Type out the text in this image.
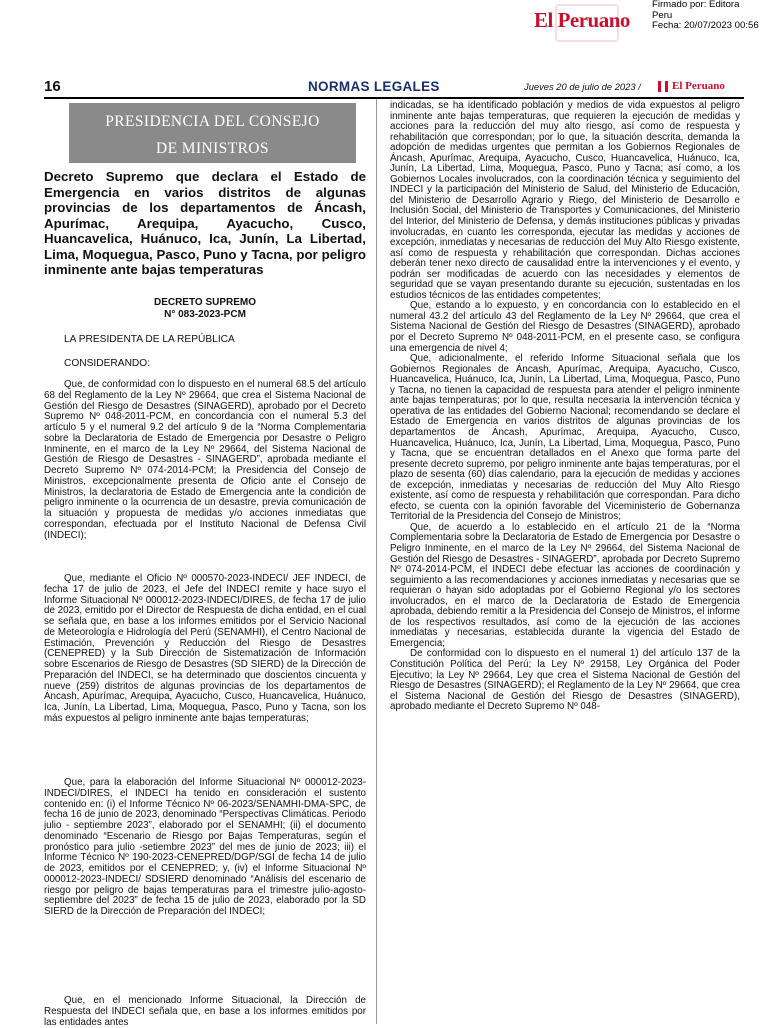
El Peruano
Firmado por: Editora
Peru
Fecha: 20/07/2023 00:56
16	NORMAS LEGALES	Jueves 20 de julio de 2023 /	El Peruano
PRESIDENCIA DEL CONSEJO
DE MINISTROS
Decreto Supremo que declara el Estado de Emergencia en varios distritos de algunas provincias de los departamentos de Áncash, Apurímac, Arequipa, Ayacucho, Cusco, Huancavelica, Huánuco, Ica, Junín, La Libertad, Lima, Moquegua, Pasco, Puno y Tacna, por peligro inminente ante bajas temperaturas
DECRETO SUPREMO
N° 083-2023-PCM
LA PRESIDENTA DE LA REPÚBLICA
CONSIDERANDO:
Que, de conformidad con lo dispuesto en el numeral 68.5 del artículo 68 del Reglamento de la Ley Nº 29664, que crea el Sistema Nacional de Gestión del Riesgo de Desastres (SINAGERD), aprobado por el Decreto Supremo Nº 048-2011-PCM, en concordancia con el numeral 5.3 del artículo 5 y el numeral 9.2 del artículo 9 de la “Norma Complementaria sobre la Declaratoria de Estado de Emergencia por Desastre o Peligro Inminente, en el marco de la Ley Nº 29664, del Sistema Nacional de Gestión de Riesgo de Desastres - SINAGERD”, aprobada mediante el Decreto Supremo Nº 074-2014-PCM; la Presidencia del Consejo de Ministros, excepcionalmente presenta de Oficio ante el Consejo de Ministros, la declaratoria de Estado de Emergencia ante la condición de peligro inminente o la ocurrencia de un desastre, previa comunicación de la situación y propuesta de medidas y/o acciones inmediatas que correspondan, efectuada por el Instituto Nacional de Defensa Civil (INDECI);
Que, mediante el Oficio Nº 000570-2023-INDECI/ JEF INDECI, de fecha 17 de julio de 2023, el Jefe del INDECI remite y hace suyo el Informe Situacional Nº 000012-2023-INDECI/DIRES, de fecha 17 de julio de 2023, emitido por el Director de Respuesta de dicha entidad, en el cual se señala que, en base a los informes emitidos por el Servicio Nacional de Meteorología e Hidrología del Perú (SENAMHI), el Centro Nacional de Estimación, Prevención y Reducción del Riesgo de Desastres (CENEPRED) y la Sub Dirección de Sistematización de Información sobre Escenarios de Riesgo de Desastres (SD SIERD) de la Dirección de Preparación del INDECI, se ha determinado que doscientos cincuenta y nueve (259) distritos de algunas provincias de los departamentos de Áncash, Apurímac, Arequipa, Ayacucho, Cusco, Huancavelica, Huánuco, Ica, Junín, La Libertad, Lima, Moquegua, Pasco, Puno y Tacna, son los más expuestos al peligro inminente ante bajas temperaturas;
Que, para la elaboración del Informe Situacional Nº 000012-2023-INDECI/DIRES, el INDECI ha tenido en consideración el sustento contenido en: (i) el Informe Técnico Nº 06-2023/SENAMHI-DMA-SPC, de fecha 16 de junio de 2023, denominado “Perspectivas Climáticas. Periodo julio - septiembre 2023”, elaborado por el SENAMHI; (ii) el documento denominado “Escenario de Riesgo por Bajas Temperaturas, según el pronóstico para julio -setiembre 2023” del mes de junio de 2023; iii) el Informe Técnico Nº 190-2023-CENEPRED/DGP/SGI de fecha 14 de julio de 2023, emitidos por el CENEPRED; y, (iv) el Informe Situacional Nº 000012-2023-INDECI/ SDSIERD denominado “Análisis del escenario de riesgo por peligro de bajas temperaturas para el trimestre julio-agosto-septiembre del 2023” de fecha 15 de julio de 2023, elaborado por la SD SIERD de la Dirección de Preparación del INDECI;
Que, en el mencionado Informe Situacional, la Dirección de Respuesta del INDECI señala que, en base a los informes emitidos por las entidades antes

indicadas, se ha identificado población y medios de vida expuestos al peligro inminente ante bajas temperaturas, que requieren la ejecución de medidas y acciones para la reducción del muy alto riesgo, así como de respuesta y rehabilitación que correspondan; por lo que, la situación descrita, demanda la adopción de medidas urgentes que permitan a los Gobiernos Regionales de Áncash, Apurímac, Arequipa, Ayacucho, Cusco, Huancavelica, Huánuco, Ica, Junín, La Libertad, Lima, Moquegua, Pasco, Puno y Tacna; así como, a los Gobiernos Locales involucrados, con la coordinación técnica y seguimiento del INDECI y la participación del Ministerio de Salud, del Ministerio de Educación, del Ministerio de Desarrollo Agrario y Riego, del Ministerio de Desarrollo e Inclusión Social, del Ministerio de Transportes y Comunicaciones, del Ministerio del Interior, del Ministerio de Defensa, y demás instituciones públicas y privadas involucradas, en cuanto les corresponda, ejecutar las medidas y acciones de excepción, inmediatas y necesarias de reducción del Muy Alto Riesgo existente, así como de respuesta y rehabilitación que correspondan. Dichas acciones deberán tener nexo directo de causalidad entre la intervenciones y el evento, y podrán ser modificadas de acuerdo con las necesidades y elementos de seguridad que se vayan presentando durante su ejecución, sustentadas en los estudios técnicos de las entidades competentes;

Que, estando a lo expuesto, y en concordancia con lo establecido en el numeral 43.2 del artículo 43 del Reglamento de la Ley Nº 29664, que crea el Sistema Nacional de Gestión del Riesgo de Desastres (SINAGERD), aprobado por el Decreto Supremo Nº 048-2011-PCM, en el presente caso, se configura una emergencia de nivel 4;

Que, adicionalmente, el referido Informe Situacional señala que los Gobiernos Regionales de Áncash, Apurímac, Arequipa, Ayacucho, Cusco, Huancavelica, Huánuco, Ica, Junín, La Libertad, Lima, Moquegua, Pasco, Puno y Tacna, no tienen la capacidad de respuesta para atender el peligro inminente ante bajas temperaturas; por lo que, resulta necesaria la intervención técnica y operativa de las entidades del Gobierno Nacional; recomendando se declare el Estado de Emergencia en varios distritos de algunas provincias de los departamentos de Áncash, Apurímac, Arequipa, Ayacucho, Cusco, Huancavelica, Huánuco, Ica, Junín, La Libertad, Lima, Moquegua, Pasco, Puno y Tacna, que se encuentran detallados en el Anexo que forma parte del presente decreto supremo, por peligro inminente ante bajas temperaturas, por el plazo de sesenta (60) días calendario, para la ejecución de medidas y acciones de excepción, inmediatas y necesarias de reducción del Muy Alto Riesgo existente, así como de respuesta y rehabilitación que correspondan. Para dicho efecto, se cuenta con la opinión favorable del Viceministerio de Gobernanza Territorial de la Presidencia del Consejo de Ministros;

Que, de acuerdo a lo establecido en el artículo 21 de la “Norma Complementaria sobre la Declaratoria de Estado de Emergencia por Desastre o Peligro Inminente, en el marco de la Ley Nº 29664, del Sistema Nacional de Gestión del Riesgo de Desastres - SINAGERD”, aprobada por Decreto Supremo Nº 074-2014-PCM, el INDECI debe efectuar las acciones de coordinación y seguimiento a las recomendaciones y acciones inmediatas y necesarias que se requieran o hayan sido adoptadas por el Gobierno Regional y/o los sectores involucrados, en el marco de la Declaratoria de Estado de Emergencia aprobada, debiendo remitir a la Presidencia del Consejo de Ministros, el informe de los respectivos resultados, así como de la ejecución de las acciones inmediatas y necesarias, establecida durante la vigencia del Estado de Emergencia;

De conformidad con lo dispuesto en el numeral 1) del artículo 137 de la Constitución Política del Perú; la Ley Nº 29158, Ley Orgánica del Poder Ejecutivo; la Ley Nº 29664, Ley que crea el Sistema Nacional de Gestión del Riesgo de Desastres (SINAGERD); el Reglamento de la Ley Nº 29664, que crea el Sistema Nacional de Gestión del Riesgo de Desastres (SINAGERD), aprobado mediante el Decreto Supremo Nº 048-
